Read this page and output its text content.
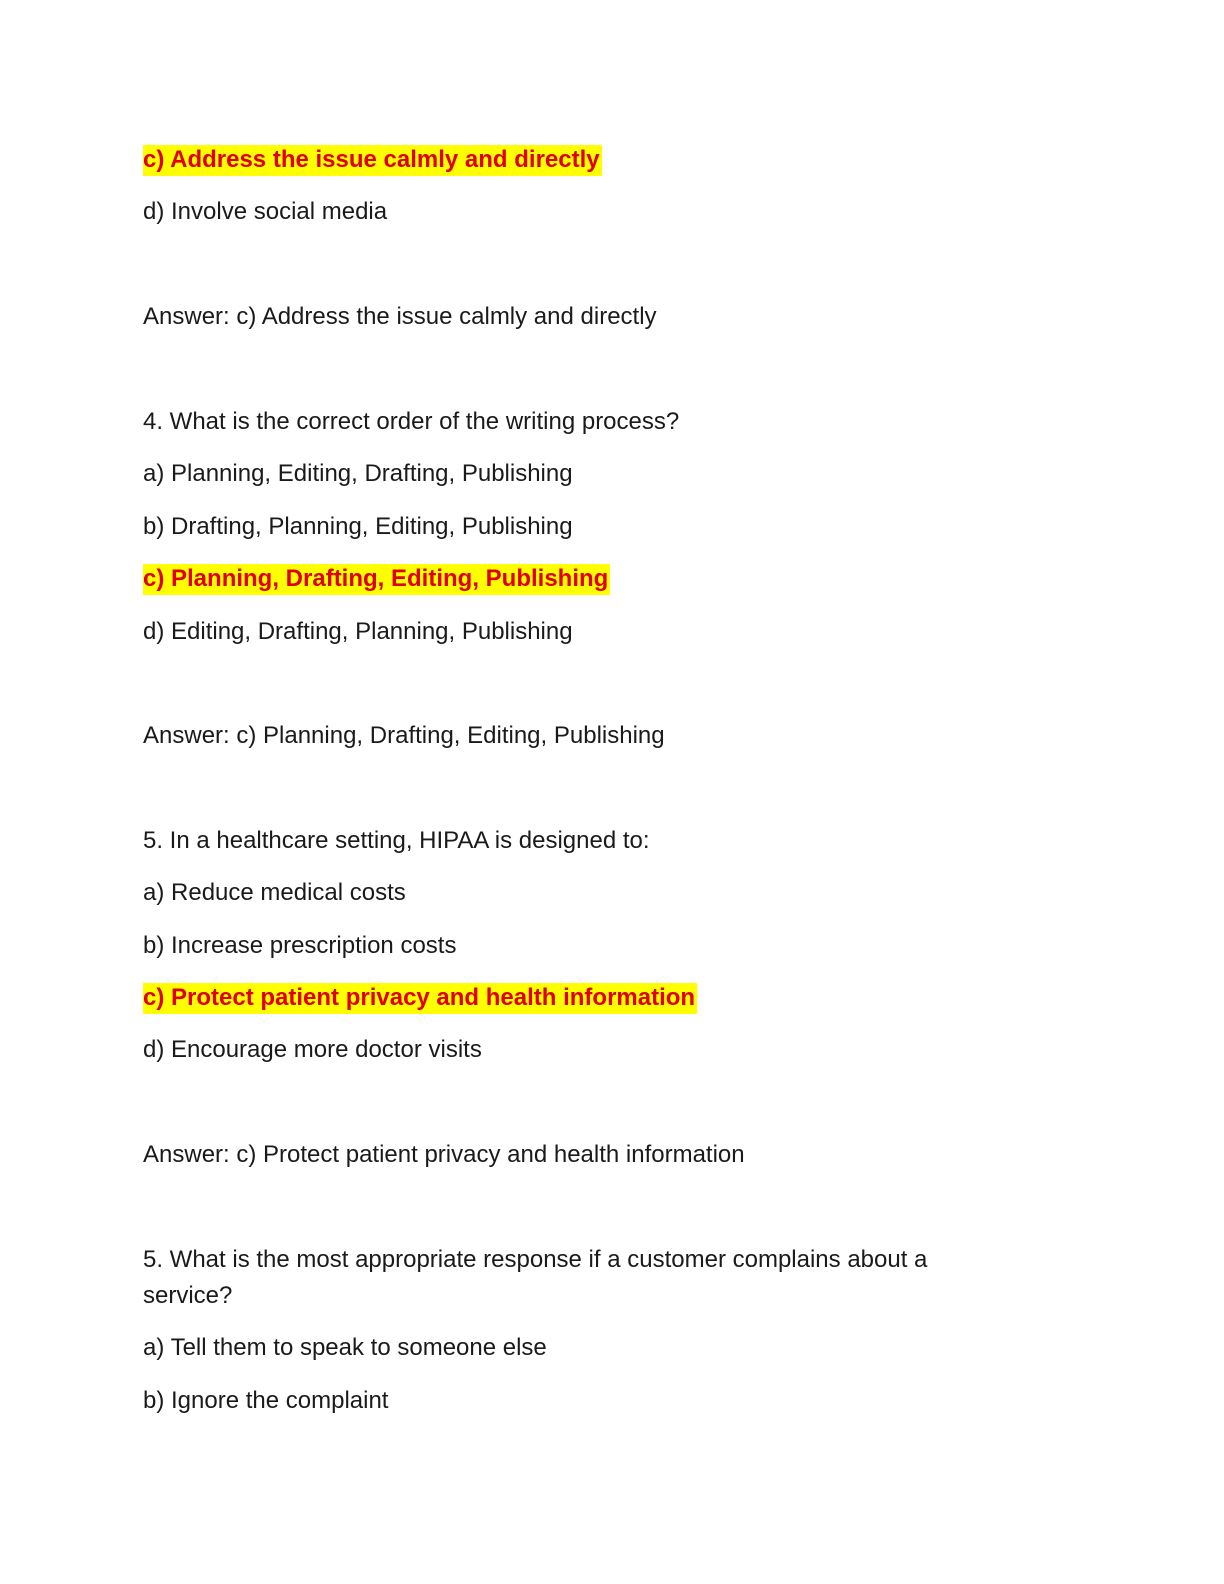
c) Address the issue calmly and directly

d) Involve social media

Answer: c) Address the issue calmly and directly

4. What is the correct order of the writing process?

a) Planning, Editing, Drafting, Publishing

b) Drafting, Planning, Editing, Publishing

c) Planning, Drafting, Editing, Publishing

d) Editing, Drafting, Planning, Publishing

Answer: c) Planning, Drafting, Editing, Publishing

5. In a healthcare setting, HIPAA is designed to:

a) Reduce medical costs

b) Increase prescription costs

c) Protect patient privacy and health information

d) Encourage more doctor visits

Answer: c) Protect patient privacy and health information

5. What is the most appropriate response if a customer complains about a service?

a) Tell them to speak to someone else

b) Ignore the complaint
